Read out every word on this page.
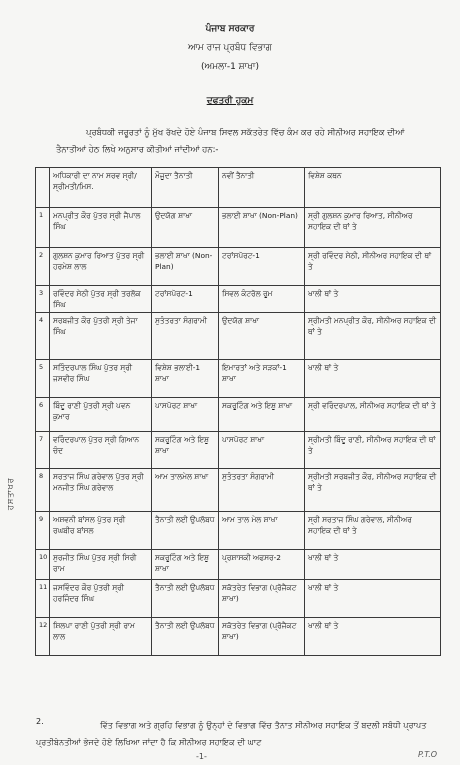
ਪੰਜਾਬ ਸਰਕਾਰ
ਆਮ ਰਾਜ ਪ੍ਰਬੰਧ ਵਿਭਾਗ
(ਅਮਲਾ-1 ਸ਼ਾਖਾ)
ਦਫਤਰੀ ਹੁਕਮ
ਪ੍ਰਬੰਧਕੀ ਜਰੂਰਤਾਂ ਨੂੰ ਮੁੱਖ ਰੱਖਦੇ ਹੋਏ ਪੰਜਾਬ ਸਿਵਲ ਸਕੱਤਰੇਤ ਵਿੱਚ ਕੰਮ ਕਰ ਰਹੇ ਸੀਨੀਅਰ ਸਹਾਇਕ ਦੀਆਂ ਤੈਨਾਤੀਆਂ ਹੇਠ ਲਿਖੇ ਅਨੁਸਾਰ ਕੀਤੀਆਂ ਜਾਂਦੀਆਂ ਹਨ:-
ਹਸਤਾਖਰ
	ਅਧਿਕਾਰੀ ਦਾ ਨਾਮ ਸਰਵ ਸ੍ਰੀ/ਸ੍ਰੀਮਤੀ/ਮਿਸ.	ਮੌਜੂਦਾ ਤੈਨਾਤੀ	ਨਵੀਂ ਤੈਨਾਤੀ	ਵਿਸ਼ੇਸ਼ ਕਥਨ
1	ਮਨਪ੍ਰੀਤ ਕੌਰ ਪੁੱਤਰ ਸ੍ਰੀ ਜੈਪਾਲ ਸਿੰਘ	ਉਦਯੋਗ ਸ਼ਾਖਾ	ਭਲਾਈ ਸ਼ਾਖਾ (Non-Plan)	ਸ੍ਰੀ ਗੁਲਸ਼ਨ ਕੁਮਾਰ ਰਿਆਤ, ਸੀਨੀਅਰ ਸਹਾਇਕ ਦੀ ਥਾਂ ਤੇ
2	ਗੁਲਸ਼ਨ ਕੁਮਾਰ ਰਿਆਤ ਪੁੱਤਰ ਸ੍ਰੀ ਹਰਮੇਸ਼ ਲਾਲ	ਭਲਾਈ ਸ਼ਾਖਾ (Non-Plan)	ਟਰਾਂਸਪੋਰਟ-1	ਸ੍ਰੀ ਰਵਿੰਦਰ ਸੇਠੀ, ਸੀਨੀਅਰ ਸਹਾਇਕ ਦੀ ਥਾਂ ਤੇ
3	ਰਵਿੰਦਰ ਸੇਠੀ ਪੁੱਤਰ ਸ੍ਰੀ ਤਰਲੋਕ ਸਿੰਘ	ਟਰਾਂਸਪੋਰਟ-1	ਸਿਵਲ ਕੰਟਰੋਲ ਰੂਮ	ਖਾਲੀ ਥਾਂ ਤੇ
4	ਸਰਬਜੀਤ ਕੌਰ ਪੁੱਤਰੀ ਸ੍ਰੀ ਤੇਜਾ ਸਿੰਘ	ਸੁਤੰਤਰਤਾ ਸੰਗਰਾਮੀ	ਉਦਯੋਗ ਸ਼ਾਖਾ	ਸ੍ਰੀਮਤੀ ਮਨਪ੍ਰੀਤ ਕੌਰ, ਸੀਨੀਅਰ ਸਹਾਇਕ ਦੀ ਥਾਂ ਤੇ
5	ਸਤਿੰਦਰਪਾਲ ਸਿੰਘ ਪੁੱਤਰ ਸ੍ਰੀ ਜਸਵੀਰ ਸਿੰਘ	ਵਿਸ਼ੇਸ਼ ਭਲਾਈ-1 ਸ਼ਾਖਾ	ਇਮਾਰਤਾਂ ਅਤੇ ਸੜਕਾਂ-1 ਸ਼ਾਖਾ	ਖਾਲੀ ਥਾਂ ਤੇ
6	ਬਿੰਦੂ ਰਾਣੀ ਪੁੱਤਰੀ ਸ੍ਰੀ ਪਵਨ ਕੁਮਾਰ	ਪਾਸਪੋਰਟ ਸ਼ਾਖਾ	ਸਕਰੂਟਿੰਗ ਅਤੇ ਇਸ਼ੂ ਸ਼ਾਖਾ	ਸ੍ਰੀ ਵਰਿੰਦਰਪਾਲ, ਸੀਨੀਅਰ ਸਹਾਇਕ ਦੀ ਥਾਂ ਤੇ
7	ਵਰਿੰਦਰਪਾਲ ਪੁੱਤਰ ਸ੍ਰੀ ਗਿਆਨ ਚੰਦ	ਸਕਰੂਟਿੰਗ ਅਤੇ ਇਸ਼ੂ ਸ਼ਾਖਾ	ਪਾਸਪੋਰਟ ਸ਼ਾਖਾ	ਸ੍ਰੀਮਤੀ ਬਿੰਦੂ ਰਾਣੀ, ਸੀਨੀਅਰ ਸਹਾਇਕ ਦੀ ਥਾਂ ਤੇ
8	ਸਰਤਾਜ ਸਿੰਘ ਗਰੇਵਾਲ ਪੁੱਤਰ ਸ੍ਰੀ ਮਨਜੀਤ ਸਿੰਘ ਗਰੇਵਾਲ	ਆਮ ਤਾਲਮੇਲ ਸ਼ਾਖਾ	ਸੁਤੰਤਰਤਾ ਸੰਗਰਾਮੀ	ਸ੍ਰੀਮਤੀ ਸਰਬਜੀਤ ਕੌਰ, ਸੀਨੀਅਰ ਸਹਾਇਕ ਦੀ ਥਾਂ ਤੇ
9	ਅਸ਼ਵਨੀ ਬਾਂਸਲ ਪੁੱਤਰ ਸ੍ਰੀ ਰਘਬੀਰ ਬਾਂਸਲ	ਤੈਨਾਤੀ ਲਈ ਉਪਲੱਬਧ	ਆਮ ਤਾਲ ਮੇਲ ਸ਼ਾਖਾ	ਸ੍ਰੀ ਸਰਤਾਜ ਸਿੰਘ ਗਰੇਵਾਲ, ਸੀਨੀਅਰ ਸਹਾਇਕ ਦੀ ਥਾਂ ਤੇ
10	ਸੁਰਜੀਤ ਸਿੰਘ ਪੁੱਤਰ ਸ੍ਰੀ ਸਿਰੀ ਰਾਮ	ਸਕਰੂਟਿੰਗ ਅਤੇ ਇਸ਼ੂ ਸ਼ਾਖਾ	ਪ੍ਰਸ਼ਾਸਕੀ ਅਫਸਰ-2	ਖਾਲੀ ਥਾਂ ਤੇ
11	ਜਸਵਿੰਦਰ ਕੌਰ ਪੁੱਤਰੀ ਸ੍ਰੀ ਹਰਜਿੰਦਰ ਸਿੰਘ	ਤੈਨਾਤੀ ਲਈ ਉਪਲੱਬਧ	ਸਕੱਤਰੇਤ ਵਿਭਾਗ (ਪ੍ਰੋਜੈਕਟ ਸ਼ਾਖਾ)	ਖਾਲੀ ਥਾਂ ਤੇ
12	ਸ਼ਿਲਪਾ ਰਾਣੀ ਪੁੱਤਰੀ ਸ੍ਰੀ ਰਾਮ ਲਾਲ	ਤੈਨਾਤੀ ਲਈ ਉਪਲੱਬਧ	ਸਕੱਤਰੇਤ ਵਿਭਾਗ (ਪ੍ਰੋਜੈਕਟ ਸ਼ਾਖਾ)	ਖਾਲੀ ਥਾਂ ਤੇ
2.	ਵਿੱਤ ਵਿਭਾਗ ਅਤੇ ਗ੍ਰਹਿ ਵਿਭਾਗ ਨੂੰ ਉਨ੍ਹਾਂ ਦੇ ਵਿਭਾਗ ਵਿੱਚ ਤੈਨਾਤ ਸੀਨੀਅਰ ਸਹਾਇਕ ਤੋਂ ਬਦਲੀ ਸਬੰਧੀ ਪ੍ਰਾਪਤ ਪ੍ਰਤੀਬੇਨਤੀਆਂ ਭੇਜਦੇ ਹੋਏ ਲਿਖਿਆ ਜਾਂਦਾ ਹੈ ਕਿ ਸੀਨੀਅਰ ਸਹਾਇਕ ਦੀ ਘਾਟ
-1-	P.T.O
